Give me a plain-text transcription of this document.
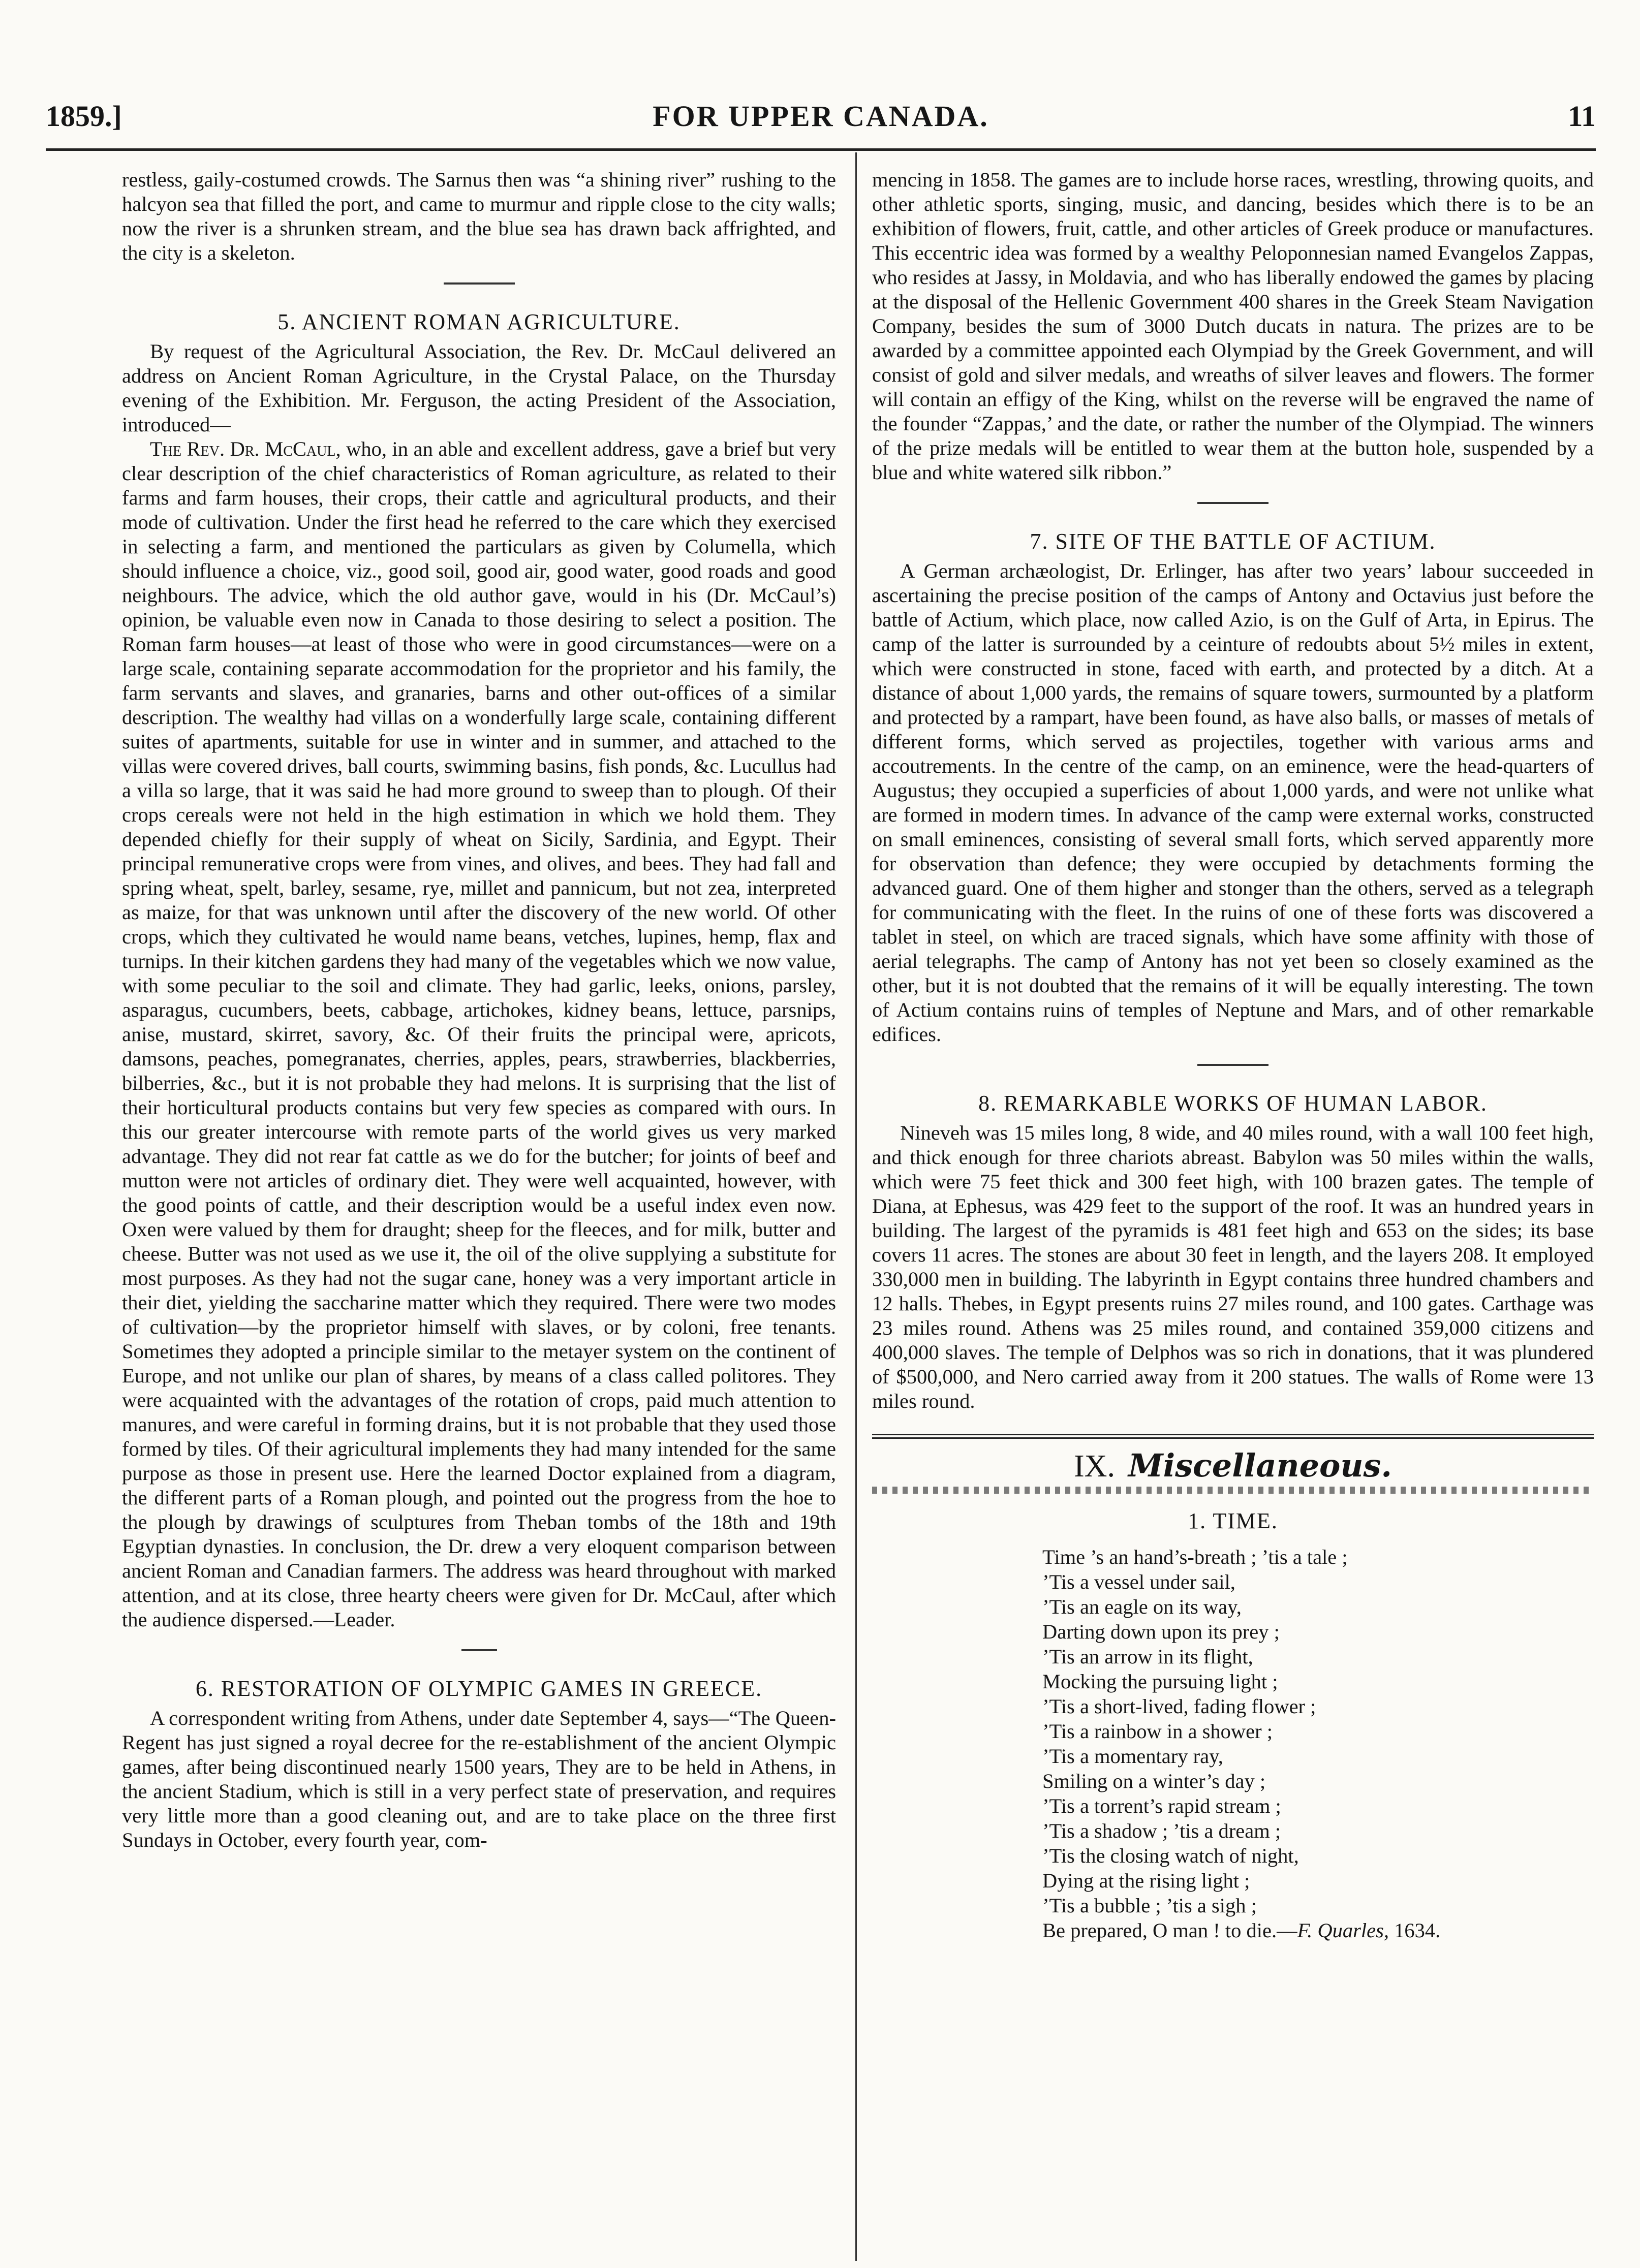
1859.]	FOR UPPER CANADA.	11

restless, gaily-costumed crowds. The Sarnus then was “a shining river” rushing to the halcyon sea that filled the port, and came to murmur and ripple close to the city walls; now the river is a shrunken stream, and the blue sea has drawn back affrighted, and the city is a skeleton.

5. ANCIENT ROMAN AGRICULTURE.

By request of the Agricultural Association, the Rev. Dr. McCaul delivered an address on Ancient Roman Agriculture, in the Crystal Palace, on the Thursday evening of the Exhibition. Mr. Ferguson, the acting President of the Association, introduced—

The Rev. Dr. McCaul, who, in an able and excellent address, gave a brief but very clear description of the chief characteristics of Roman agriculture, as related to their farms and farm houses, their crops, their cattle and agricultural products, and their mode of cultivation. Under the first head he referred to the care which they exercised in selecting a farm, and mentioned the particulars as given by Columella, which should influence a choice, viz., good soil, good air, good water, good roads and good neighbours. The advice, which the old author gave, would in his (Dr. McCaul’s) opinion, be valuable even now in Canada to those desiring to select a position. The Roman farm houses—at least of those who were in good circumstances—were on a large scale, containing separate accommodation for the proprietor and his family, the farm servants and slaves, and granaries, barns and other out-offices of a similar description. The wealthy had villas on a wonderfully large scale, containing different suites of apartments, suitable for use in winter and in summer, and attached to the villas were covered drives, ball courts, swimming basins, fish ponds, &c. Lucullus had a villa so large, that it was said he had more ground to sweep than to plough. Of their crops cereals were not held in the high estimation in which we hold them. They depended chiefly for their supply of wheat on Sicily, Sardinia, and Egypt. Their principal remunerative crops were from vines, and olives, and bees. They had fall and spring wheat, spelt, barley, sesame, rye, millet and pannicum, but not zea, interpreted as maize, for that was unknown until after the discovery of the new world. Of other crops, which they cultivated he would name beans, vetches, lupines, hemp, flax and turnips. In their kitchen gardens they had many of the vegetables which we now value, with some peculiar to the soil and climate. They had garlic, leeks, onions, parsley, asparagus, cucumbers, beets, cabbage, artichokes, kidney beans, lettuce, parsnips, anise, mustard, skirret, savory, &c. Of their fruits the principal were, apricots, damsons, peaches, pomegranates, cherries, apples, pears, strawberries, blackberries, bilberries, &c., but it is not probable they had melons. It is surprising that the list of their horticultural products contains but very few species as compared with ours. In this our greater intercourse with remote parts of the world gives us very marked advantage. They did not rear fat cattle as we do for the butcher; for joints of beef and mutton were not articles of ordinary diet. They were well acquainted, however, with the good points of cattle, and their description would be a useful index even now. Oxen were valued by them for draught; sheep for the fleeces, and for milk, butter and cheese. Butter was not used as we use it, the oil of the olive supplying a substitute for most purposes. As they had not the sugar cane, honey was a very important article in their diet, yielding the saccharine matter which they required. There were two modes of cultivation—by the proprietor himself with slaves, or by coloni, free tenants. Sometimes they adopted a principle similar to the metayer system on the continent of Europe, and not unlike our plan of shares, by means of a class called politores. They were acquainted with the advantages of the rotation of crops, paid much attention to manures, and were careful in forming drains, but it is not probable that they used those formed by tiles. Of their agricultural implements they had many intended for the same purpose as those in present use. Here the learned Doctor explained from a diagram, the different parts of a Roman plough, and pointed out the progress from the hoe to the plough by drawings of sculptures from Theban tombs of the 18th and 19th Egyptian dynasties. In conclusion, the Dr. drew a very eloquent comparison between ancient Roman and Canadian farmers. The address was heard throughout with marked attention, and at its close, three hearty cheers were given for Dr. McCaul, after which the audience dispersed.—Leader.

6. RESTORATION OF OLYMPIC GAMES IN GREECE.

A correspondent writing from Athens, under date September 4, says—“The Queen-Regent has just signed a royal decree for the re-establishment of the ancient Olympic games, after being discontinued nearly 1500 years, They are to be held in Athens, in the ancient Stadium, which is still in a very perfect state of preservation, and requires very little more than a good cleaning out, and are to take place on the three first Sundays in October, every fourth year, com-

mencing in 1858. The games are to include horse races, wrestling, throwing quoits, and other athletic sports, singing, music, and dancing, besides which there is to be an exhibition of flowers, fruit, cattle, and other articles of Greek produce or manufactures. This eccentric idea was formed by a wealthy Peloponnesian named Evangelos Zappas, who resides at Jassy, in Moldavia, and who has liberally endowed the games by placing at the disposal of the Hellenic Government 400 shares in the Greek Steam Navigation Company, besides the sum of 3000 Dutch ducats in natura. The prizes are to be awarded by a committee appointed each Olympiad by the Greek Government, and will consist of gold and silver medals, and wreaths of silver leaves and flowers. The former will contain an effigy of the King, whilst on the reverse will be engraved the name of the founder “Zappas,’ and the date, or rather the number of the Olympiad. The winners of the prize medals will be entitled to wear them at the button hole, suspended by a blue and white watered silk ribbon.”

7. SITE OF THE BATTLE OF ACTIUM.

A German archæologist, Dr. Erlinger, has after two years’ labour succeeded in ascertaining the precise position of the camps of Antony and Octavius just before the battle of Actium, which place, now called Azio, is on the Gulf of Arta, in Epirus. The camp of the latter is surrounded by a ceinture of redoubts about 5½ miles in extent, which were constructed in stone, faced with earth, and protected by a ditch. At a distance of about 1,000 yards, the remains of square towers, surmounted by a platform and protected by a rampart, have been found, as have also balls, or masses of metals of different forms, which served as projectiles, together with various arms and accoutrements. In the centre of the camp, on an eminence, were the head-quarters of Augustus; they occupied a superficies of about 1,000 yards, and were not unlike what are formed in modern times. In advance of the camp were external works, constructed on small eminences, consisting of several small forts, which served apparently more for observation than defence; they were occupied by detachments forming the advanced guard. One of them higher and stonger than the others, served as a telegraph for communicating with the fleet. In the ruins of one of these forts was discovered a tablet in steel, on which are traced signals, which have some affinity with those of aerial telegraphs. The camp of Antony has not yet been so closely examined as the other, but it is not doubted that the remains of it will be equally interesting. The town of Actium contains ruins of temples of Neptune and Mars, and of other remarkable edifices.

8. REMARKABLE WORKS OF HUMAN LABOR.

Nineveh was 15 miles long, 8 wide, and 40 miles round, with a wall 100 feet high, and thick enough for three chariots abreast. Babylon was 50 miles within the walls, which were 75 feet thick and 300 feet high, with 100 brazen gates. The temple of Diana, at Ephesus, was 429 feet to the support of the roof. It was an hundred years in building. The largest of the pyramids is 481 feet high and 653 on the sides; its base covers 11 acres. The stones are about 30 feet in length, and the layers 208. It employed 330,000 men in building. The labyrinth in Egypt contains three hundred chambers and 12 halls. Thebes, in Egypt presents ruins 27 miles round, and 100 gates. Carthage was 23 miles round. Athens was 25 miles round, and contained 359,000 citizens and 400,000 slaves. The temple of Delphos was so rich in donations, that it was plundered of $500,000, and Nero carried away from it 200 statues. The walls of Rome were 13 miles round.

IX. Miscellaneous.
1. TIME.
Time ’s an hand’s-breath ; ’tis a tale ;
’Tis a vessel under sail,
’Tis an eagle on its way,
Darting down upon its prey ;
’Tis an arrow in its flight,
Mocking the pursuing light ;
’Tis a short-lived, fading flower ;
’Tis a rainbow in a shower ;
’Tis a momentary ray,
Smiling on a winter’s day ;
’Tis a torrent’s rapid stream ;
’Tis a shadow ; ’tis a dream ;
’Tis the closing watch of night,
Dying at the rising light ;
’Tis a bubble ; ’tis a sigh ;
Be prepared, O man ! to die.—F. Quarles, 1634.
